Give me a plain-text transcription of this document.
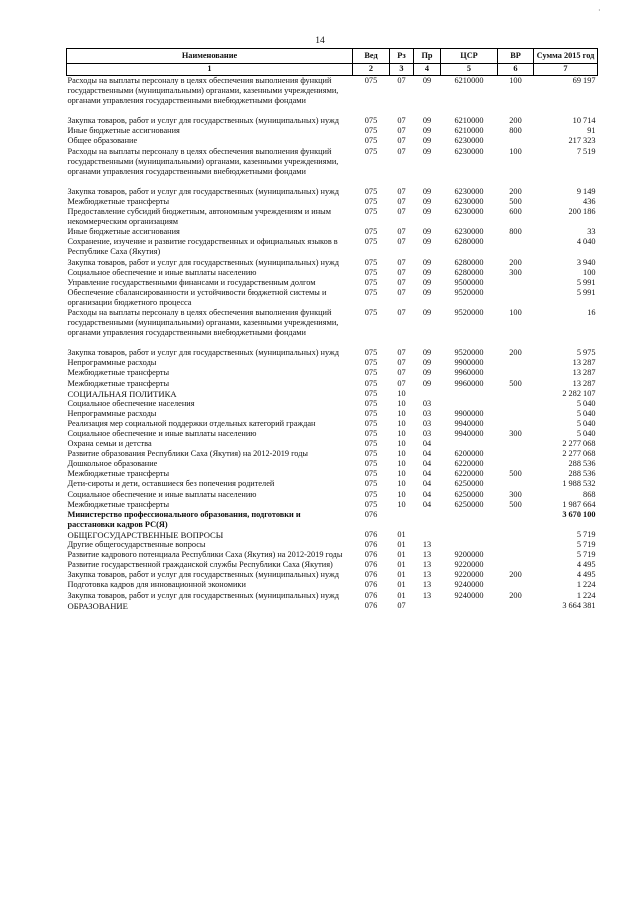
·
14
Наименование	Вед	Рз	Пр	ЦСР	ВР	Сумма 2015 год
1	2	3	4	5	6	7
Расходы на выплаты персоналу в целях обеспечения выполнения функций государственными (муниципальными) органами, казенными учреждениями, органами управления государственными внебюджетными фондами	075	07	09	6210000	100	69 197

Закупка товаров, работ и услуг для государственных (муниципальных) нужд	075	07	09	6210000	200	10 714
Иные бюджетные ассигнования	075	07	09	6210000	800	91
Общее образование	075	07	09	6230000		217 323
Расходы на выплаты персоналу в целях обеспечения выполнения функций государственными (муниципальными) органами, казенными учреждениями, органами управления государственными внебюджетными фондами	075	07	09	6230000	100	7 519

Закупка товаров, работ и услуг для государственных (муниципальных) нужд	075	07	09	6230000	200	9 149
Межбюджетные трансферты	075	07	09	6230000	500	436
Предоставление субсидий бюджетным, автономным учреждениям и иным некоммерческим организациям	075	07	09	6230000	600	200 186
Иные бюджетные ассигнования	075	07	09	6230000	800	33
Сохранение, изучение и развитие государственных и официальных языков в Республике Саха (Якутия)	075	07	09	6280000		4 040
Закупка товаров, работ и услуг для государственных (муниципальных) нужд	075	07	09	6280000	200	3 940
Социальное обеспечение и иные выплаты населению	075	07	09	6280000	300	100
Управление государственными финансами и государственным долгом	075	07	09	9500000		5 991
Обеспечение сбалансированности и устойчивости бюджетной системы и организации бюджетного процесса	075	07	09	9520000		5 991
Расходы на выплаты персоналу в целях обеспечения выполнения функций государственными (муниципальными) органами, казенными учреждениями, органами управления государственными внебюджетными фондами	075	07	09	9520000	100	16

Закупка товаров, работ и услуг для государственных (муниципальных) нужд	075	07	09	9520000	200	5 975
Непрограммные расходы	075	07	09	9900000		13 287
Межбюджетные трансферты	075	07	09	9960000		13 287
Межбюджетные трансферты	075	07	09	9960000	500	13 287
СОЦИАЛЬНАЯ ПОЛИТИКА	075	10				2 282 107
Социальное обеспечение населения	075	10	03			5 040
Непрограммные расходы	075	10	03	9900000		5 040
Реализация мер социальной поддержки отдельных категорий граждан	075	10	03	9940000		5 040
Социальное обеспечение и иные выплаты населению	075	10	03	9940000	300	5 040
Охрана семьи и детства	075	10	04			2 277 068
Развитие образования Республики Саха (Якутия) на 2012-2019 годы	075	10	04	6200000		2 277 068
Дошкольное образование	075	10	04	6220000		288 536
Межбюджетные трансферты	075	10	04	6220000	500	288 536
Дети-сироты и дети, оставшиеся без попечения родителей	075	10	04	6250000		1 988 532
Социальное обеспечение и иные выплаты населению	075	10	04	6250000	300	868
Межбюджетные трансферты	075	10	04	6250000	500	1 987 664
Министерство профессионального образования, подготовки и расстановки кадров РС(Я)	076					3 670 100
ОБЩЕГОСУДАРСТВЕННЫЕ ВОПРОСЫ	076	01				5 719
Другие общегосударственные вопросы	076	01	13			5 719
Развитие кадрового потенциала Республики Саха (Якутия) на 2012-2019 годы	076	01	13	9200000		5 719
Развитие государственной гражданской службы Республики Саха (Якутия)	076	01	13	9220000		4 495
Закупка товаров, работ и услуг для государственных (муниципальных) нужд	076	01	13	9220000	200	4 495
Подготовка кадров для инновационной экономики	076	01	13	9240000		1 224
Закупка товаров, работ и услуг для государственных (муниципальных) нужд	076	01	13	9240000	200	1 224
ОБРАЗОВАНИЕ	076	07				3 664 381
